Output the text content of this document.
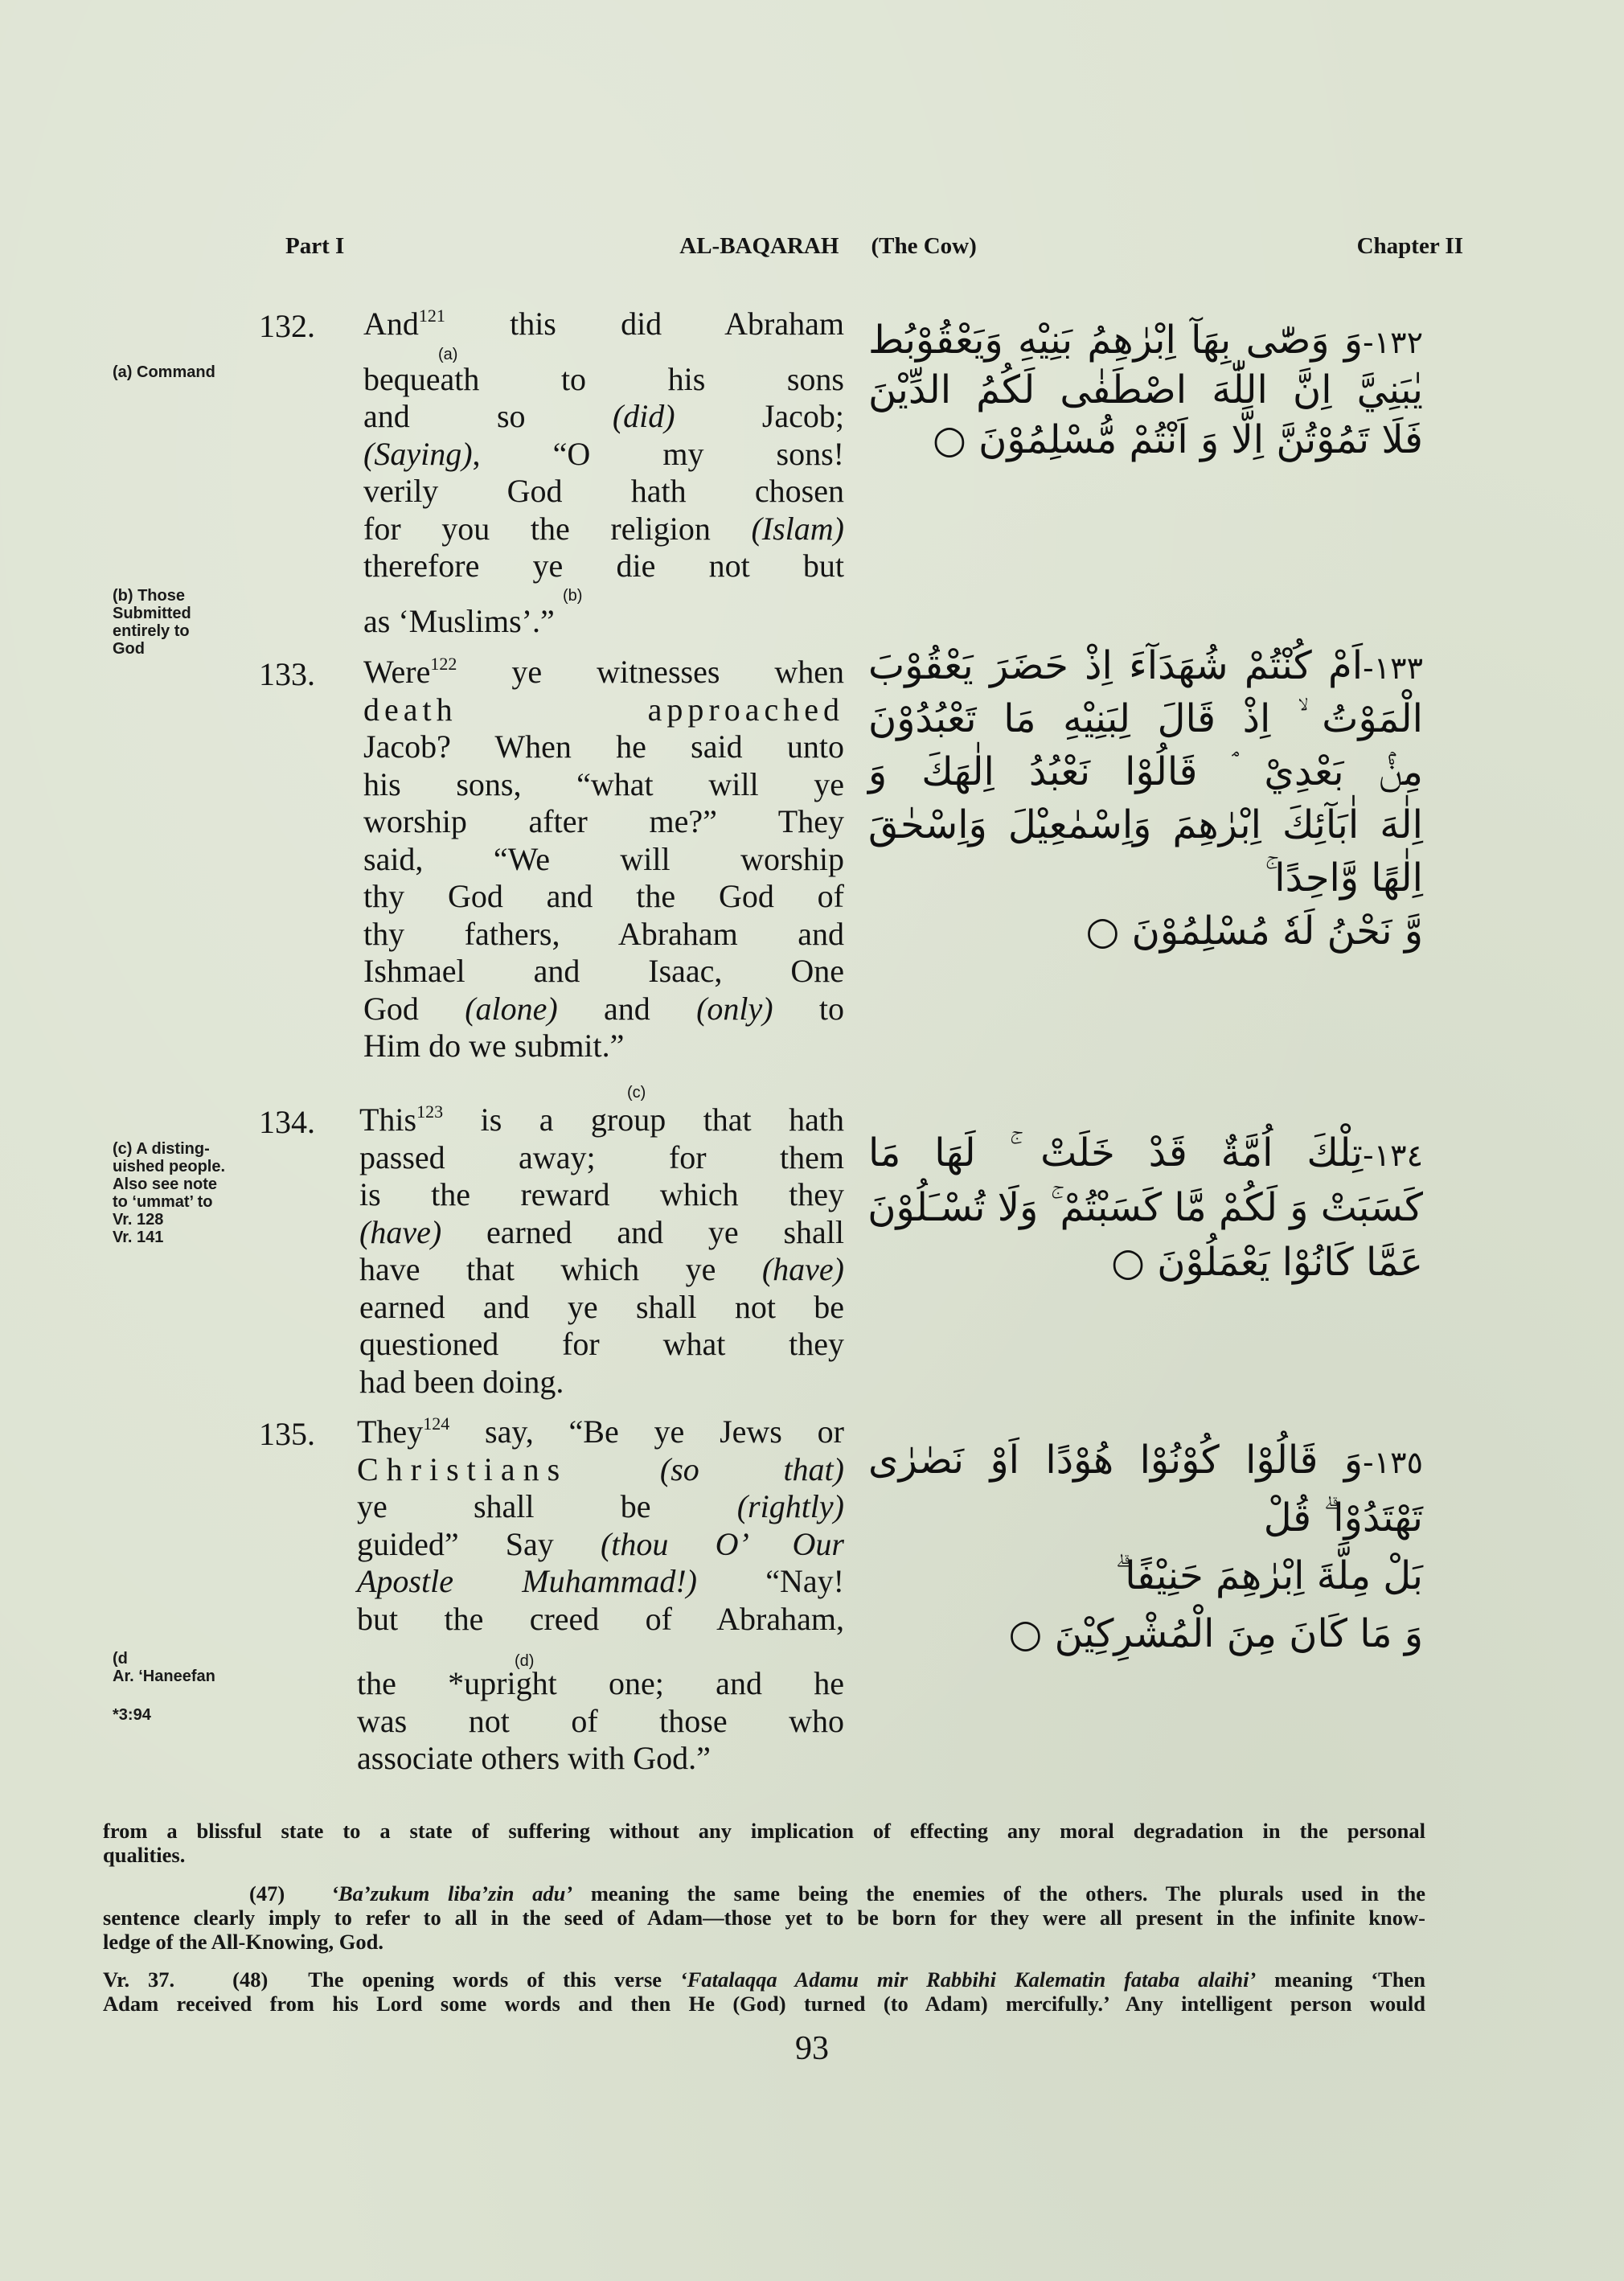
Part I	AL-BAQARAH (The Cow)	Chapter II
(a) Command
(b) Those
Submitted
entirely to
God
(c) A disting-
uished people.
Also see note
to ‘ummat’ to
Vr. 128
Vr. 141
(d
Ar. ‘Haneefan
*3:94
132.
(a)
(b)
And$^{121}$ this did Abraham
bequeath to his sons
and so (did) Jacob;
(Saying), “O my sons!
verily God hath chosen
for you the religion (Islam)
therefore ye die not but
as ‘Muslims’.”
133. Were$^{122}$ ye witnesses when
death approached
Jacob? When he said unto
his sons, “what will ye
worship after me?” They
said, “We will worship
thy God and the God of
thy fathers, Abraham and
Ishmael and Isaac, One
God (alone) and (only) to
Him do we submit.”
(c)
134. This$^{123}$ is a group that hath
passed away; for them
is the reward which they
(have) earned and ye shall
have that which ye (have)
earned and ye shall not be
questioned for what they
had been doing.
135.
(d)
They$^{124}$ say, “Be ye Jews or
Christians (so that)
ye shall be (rightly)
guided” Say (thou O’ Our
Apostle Muhammad!) “Nay!
but the creed of Abraham,
the *upright one; and he
was not of those who
associate others with God.”
١٣٢-وَ وَصّٰى بِهَآ اِبْرٰهِمُ بَنِيْهِ وَيَعْقُوْبُط
يٰبَنِيَّ اِنَّ اللّٰهَ اصْطَفٰى لَكُمُ الدِّيْنَ
فَلَا تَمُوْتُنَّ اِلَّا وَ اَنْتُمْ مُّسْلِمُوْنَ ○
١٣٣-اَمْ كُنْتُمْ شُهَدَآءَ اِذْ حَضَرَ يَعْقُوْبَ
الْمَوْتُ ۙ اِذْ قَالَ لِبَنِيْهِ مَا تَعْبُدُوْنَ
مِنْۢ بَعْدِيْ ۘ قَالُوْا نَعْبُدُ اِلٰهَكَ وَ
اِلٰهَ اٰبَآئِكَ اِبْرٰهِمَ وَاِسْمٰعِيْلَ وَاِسْحٰقَ
اِلٰهًا وَّاحِدًا ۚ
وَّ نَحْنُ لَهٗ مُسْلِمُوْنَ ○
١٣٤-تِلْكَ اُمَّةٌ قَدْ خَلَتْ ۚ لَهَا مَا
كَسَبَتْ وَ لَكُمْ مَّا كَسَبْتُمْ ۚ وَلَا تُسْـَلُوْنَ
عَمَّا كَانُوْا يَعْمَلُوْنَ ○
١٣٥-وَ قَالُوْا كُوْنُوْا هُوْدًا اَوْ نَصٰرٰى
تَهْتَدُوْا ۗ قُلْ
بَلْ مِلَّةَ اِبْرٰهِمَ حَنِيْفًا ۗ
وَ مَا كَانَ مِنَ الْمُشْرِكِيْنَ ○
from a blissful state to a state of suffering without any implication of effecting any moral degradation in the personal
qualities.
(47) ‘Ba’zukum liba’zin adu’ meaning the same being the enemies of the others. The plurals used in the
sentence clearly imply to refer to all in the seed of Adam—those yet to be born for they were all present in the infinite know-
ledge of the All-Knowing, God.
Vr. 37.	(48) The opening words of this verse ‘Fatalaqqa Adamu mir Rabbihi Kalematin fataba alaihi’ meaning ‘Then
Adam received from his Lord some words and then He (God) turned (to Adam) mercifully.’ Any intelligent person would
93
